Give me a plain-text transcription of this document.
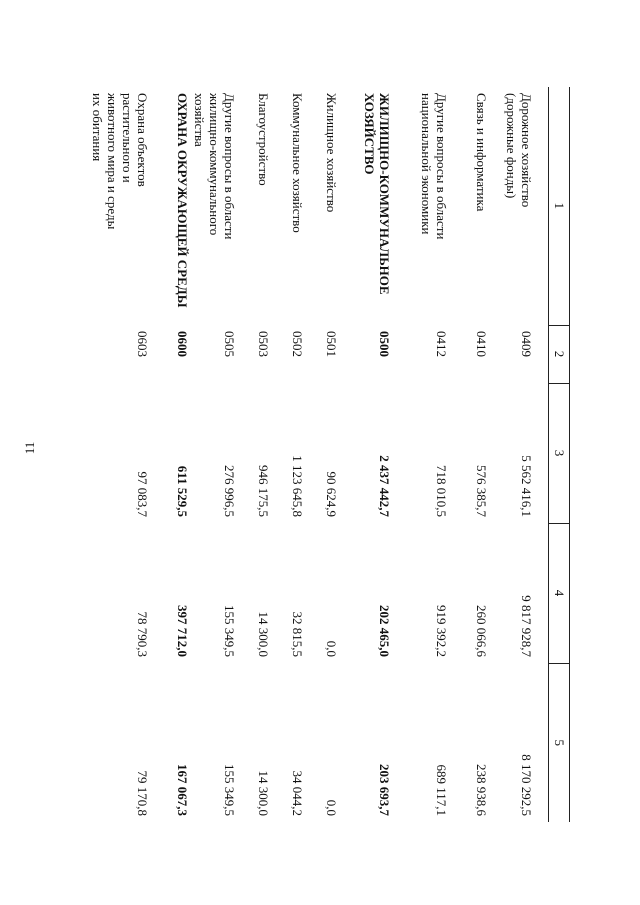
11
1	2	3	4	5
Дорожное хозяйство (дорожные фонды)	0409	5 562 416,1	9 817 928,7	8 170 292,5
Связь и информатика	0410	576 385,7	260 066,6	238 938,6
Другие вопросы в области национальной экономики	0412	718 010,5	919 392,2	689 117,1
ЖИЛИЩНО-КОММУНАЛЬНОЕ ХОЗЯЙСТВО	0500	2 437 442,7	202 465,0	203 693,7
Жилищное хозяйство	0501	90 624,9	0,0	0,0
Коммунальное хозяйство	0502	1 123 645,8	32 815,5	34 044,2
Благоустройство	0503	946 175,5	14 300,0	14 300,0
Другие вопросы в области жилищно-коммунального хозяйства	0505	276 996,5	155 349,5	155 349,5
ОХРАНА ОКРУЖАЮЩЕЙ СРЕДЫ	0600	611 529,5	397 712,0	167 067,3
Охрана объектов растительного и животного мира и среды их обитания	0603	97 083,7	78 790,3	79 170,8
